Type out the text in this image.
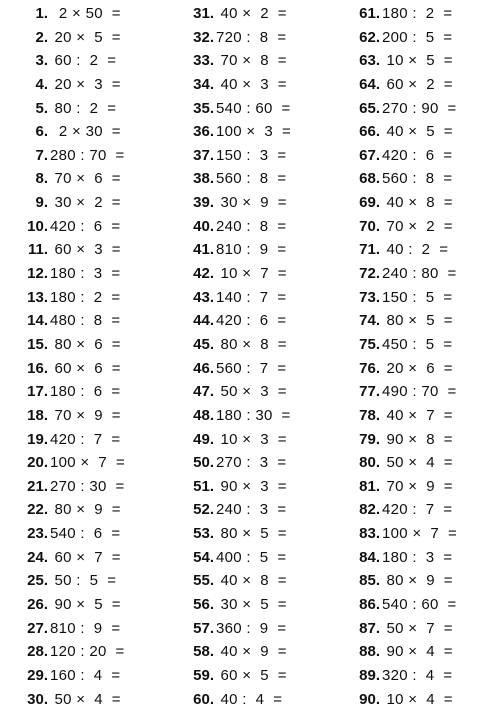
1. 2 × 50  =
2. 20 ×  5  =
3. 60 :  2  =
4. 20 ×  3  =
5. 80 :  2  =
6. 2 × 30  =
7. 280 : 70  =
8. 70 ×  6  =
9. 30 ×  2  =
10. 420 :  6  =
11. 60 ×  3  =
12. 180 :  3  =
13. 180 :  2  =
14. 480 :  8  =
15. 80 ×  6  =
16. 60 ×  6  =
17. 180 :  6  =
18. 70 ×  9  =
19. 420 :  7  =
20. 100 ×  7  =
21. 270 : 30  =
22. 80 ×  9  =
23. 540 :  6  =
24. 60 ×  7  =
25. 50 :  5  =
26. 90 ×  5  =
27. 810 :  9  =
28. 120 : 20  =
29. 160 :  4  =
30. 50 ×  4  =
31. 40 ×  2  =
32. 720 :  8  =
33. 70 ×  8  =
34. 40 ×  3  =
35. 540 : 60  =
36. 100 ×  3  =
37. 150 :  3  =
38. 560 :  8  =
39. 30 ×  9  =
40. 240 :  8  =
41. 810 :  9  =
42. 10 ×  7  =
43. 140 :  7  =
44. 420 :  6  =
45. 80 ×  8  =
46. 560 :  7  =
47. 50 ×  3  =
48. 180 : 30  =
49. 10 ×  3  =
50. 270 :  3  =
51. 90 ×  3  =
52. 240 :  3  =
53. 80 ×  5  =
54. 400 :  5  =
55. 40 ×  8  =
56. 30 ×  5  =
57. 360 :  9  =
58. 40 ×  9  =
59. 60 ×  5  =
60. 40 :  4  =
61. 180 :  2  =
62. 200 :  5  =
63. 10 ×  5  =
64. 60 ×  2  =
65. 270 : 90  =
66. 40 ×  5  =
67. 420 :  6  =
68. 560 :  8  =
69. 40 ×  8  =
70. 70 ×  2  =
71. 40 :  2  =
72. 240 : 80  =
73. 150 :  5  =
74. 80 ×  5  =
75. 450 :  5  =
76. 20 ×  6  =
77. 490 : 70  =
78. 40 ×  7  =
79. 90 ×  8  =
80. 50 ×  4  =
81. 70 ×  9  =
82. 420 :  7  =
83. 100 ×  7  =
84. 180 :  3  =
85. 80 ×  9  =
86. 540 : 60  =
87. 50 ×  7  =
88. 90 ×  4  =
89. 320 :  4  =
90. 10 ×  4  =
